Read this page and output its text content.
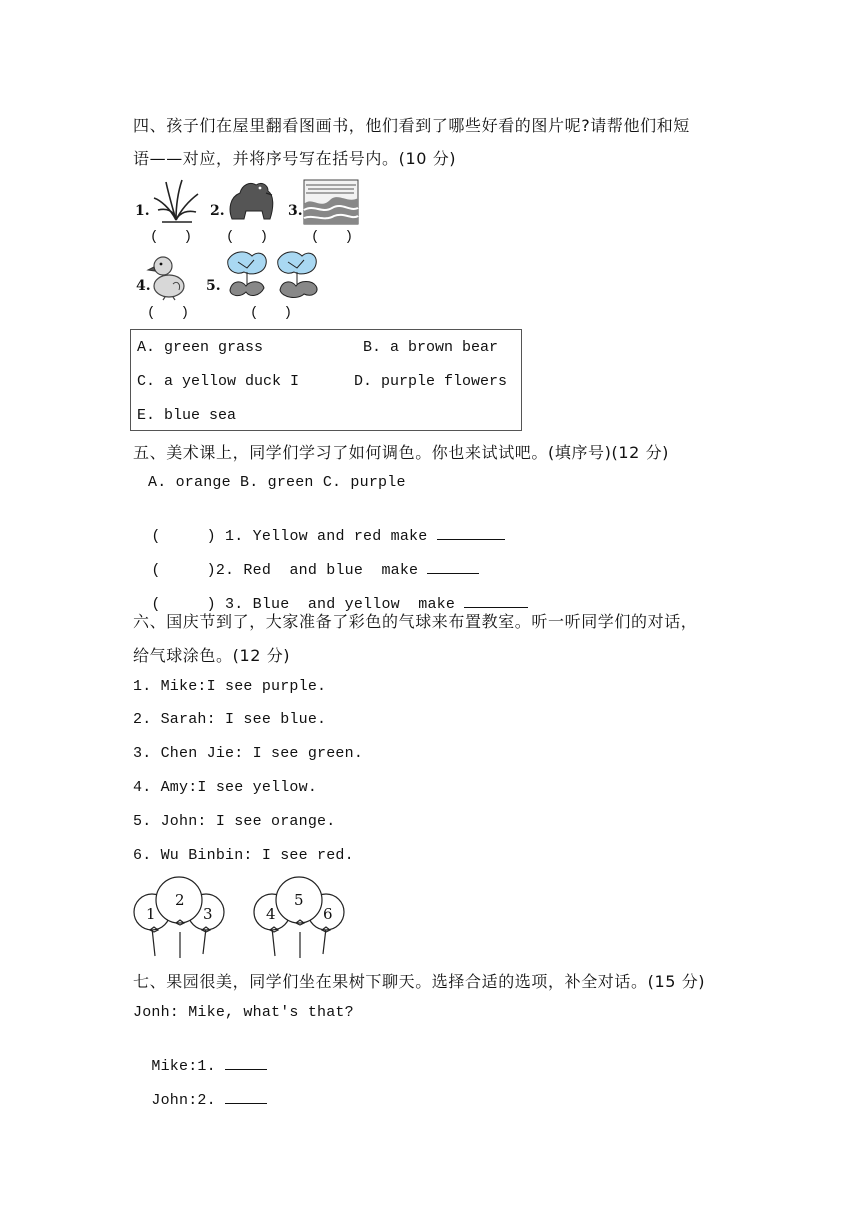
四、孩子们在屋里翻看图画书，他们看到了哪些好看的图片呢?请帮他们和短
语——对应，并将序号写在括号内。(10 分)
1.
(   )
2.
(   )
3.
(   )
4.
(   )
5.
(   )
A. green grass	B. a brown bear
C. a yellow duck I	D. purple flowers
E. blue sea
五、美术课上，同学们学习了如何调色。你也来试试吧。(填序号)(12 分)
A. orange B. green C. purple

(     ) 1. Yellow and red make

(     )2. Red  and blue  make

(     ) 3. Blue  and yellow  make

六、国庆节到了，大家准备了彩色的气球来布置教室。听一听同学们的对话，
给气球涂色。(12 分)
1. Mike:I see purple.
2. Sarah: I see blue.
3. Chen Jie: I see green.
4. Amy:I see yellow.
5. John: I see orange.
6. Wu Binbin: I see red.
1
2
3	4
5
6
七、果园很美，同学们坐在果树下聊天。选择合适的选项，补全对话。(15 分)
Jonh: Mike, what's that?

Mike:1.

John:2.
